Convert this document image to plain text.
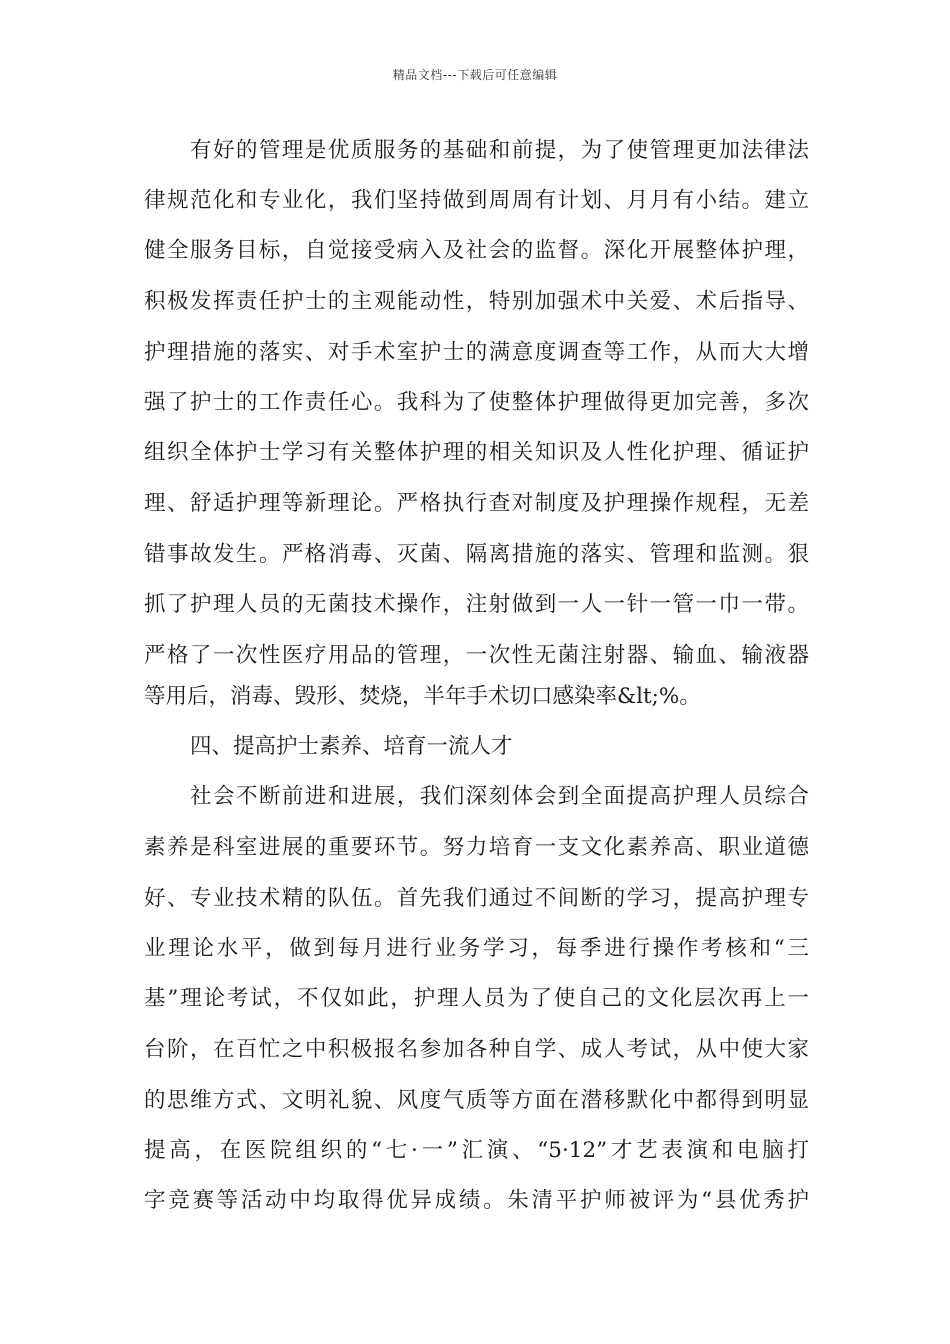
精品文档---下载后可任意编辑
有好的管理是优质服务的基础和前提，为了使管理更加法律法
律规范化和专业化，我们坚持做到周周有计划、月月有小结。建立
健全服务目标，自觉接受病入及社会的监督。深化开展整体护理，
积极发挥责任护士的主观能动性，特别加强术中关爱、术后指导、
护理措施的落实、对手术室护士的满意度调查等工作，从而大大增
强了护士的工作责任心。我科为了使整体护理做得更加完善，多次
组织全体护士学习有关整体护理的相关知识及人性化护理、循证护
理、舒适护理等新理论。严格执行查对制度及护理操作规程，无差
错事故发生。严格消毒、灭菌、隔离措施的落实、管理和监测。狠
抓了护理人员的无菌技术操作，注射做到一人一针一管一巾一带。
严格了一次性医疗用品的管理，一次性无菌注射器、输血、输液器
等用后，消毒、毁形、焚烧，半年手术切口感染率&lt;%。
四、提高护士素养、培育一流人才
社会不断前进和进展，我们深刻体会到全面提高护理人员综合
素养是科室进展的重要环节。努力培育一支文化素养高、职业道德
好、专业技术精的队伍。首先我们通过不间断的学习，提高护理专
业理论水平，做到每月进行业务学习，每季进行操作考核和“三
基”理论考试，不仅如此，护理人员为了使自己的文化层次再上一
台阶，在百忙之中积极报名参加各种自学、成人考试，从中使大家
的思维方式、文明礼貌、风度气质等方面在潜移默化中都得到明显
提高，在医院组织的“七·一”汇演、“5·12”才艺表演和电脑打
字竞赛等活动中均取得优异成绩。朱清平护师被评为“县优秀护
